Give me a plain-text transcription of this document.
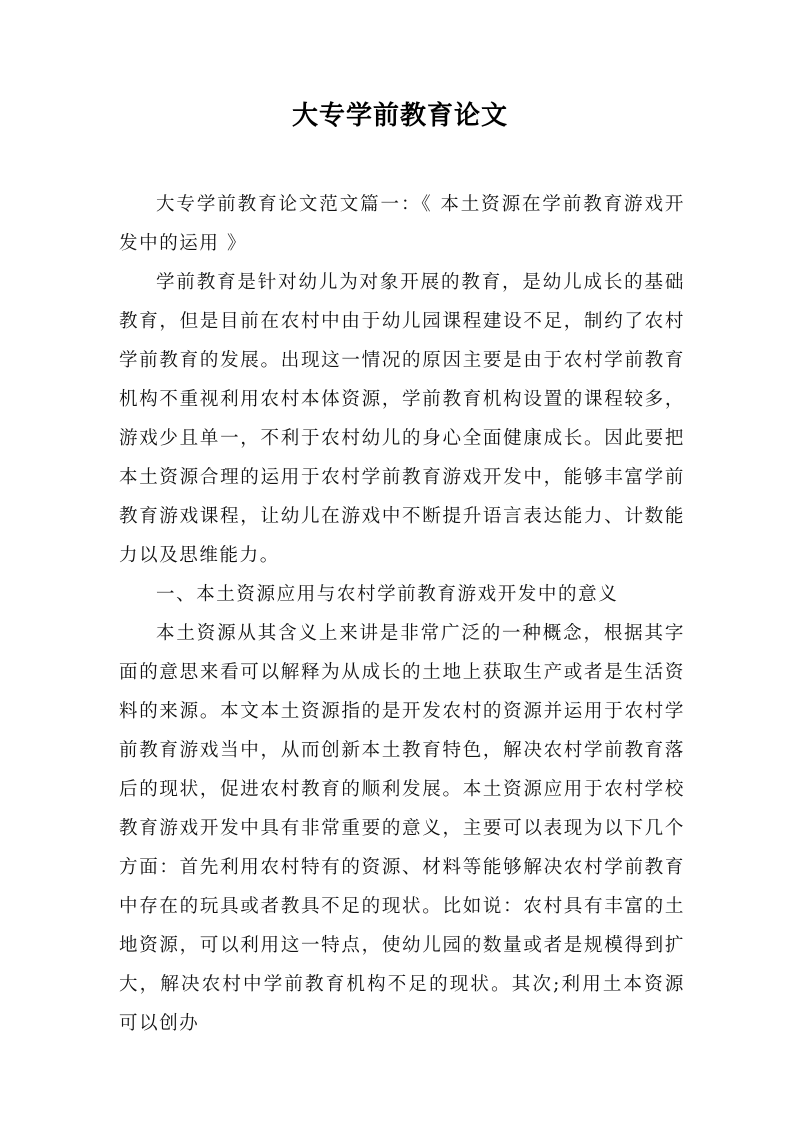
大专学前教育论文

大专学前教育论文范文篇一：《 本土资源在学前教育游戏开发中的运用 》

学前教育是针对幼儿为对象开展的教育，是幼儿成长的基础教育，但是目前在农村中由于幼儿园课程建设不足，制约了农村学前教育的发展。出现这一情况的原因主要是由于农村学前教育机构不重视利用农村本体资源，学前教育机构设置的课程较多，游戏少且单一，不利于农村幼儿的身心全面健康成长。因此要把本土资源合理的运用于农村学前教育游戏开发中，能够丰富学前教育游戏课程，让幼儿在游戏中不断提升语言表达能力、计数能力以及思维能力。

一、本土资源应用与农村学前教育游戏开发中的意义

本土资源从其含义上来讲是非常广泛的一种概念，根据其字面的意思来看可以解释为从成长的土地上获取生产或者是生活资料的来源。本文本土资源指的是开发农村的资源并运用于农村学前教育游戏当中，从而创新本土教育特色，解决农村学前教育落后的现状，促进农村教育的顺利发展。本土资源应用于农村学校教育游戏开发中具有非常重要的意义，主要可以表现为以下几个方面：首先利用农村特有的资源、材料等能够解决农村学前教育中存在的玩具或者教具不足的现状。比如说：农村具有丰富的土地资源，可以利用这一特点，使幼儿园的数量或者是规模得到扩大，解决农村中学前教育机构不足的现状。其次;利用土本资源可以创办
